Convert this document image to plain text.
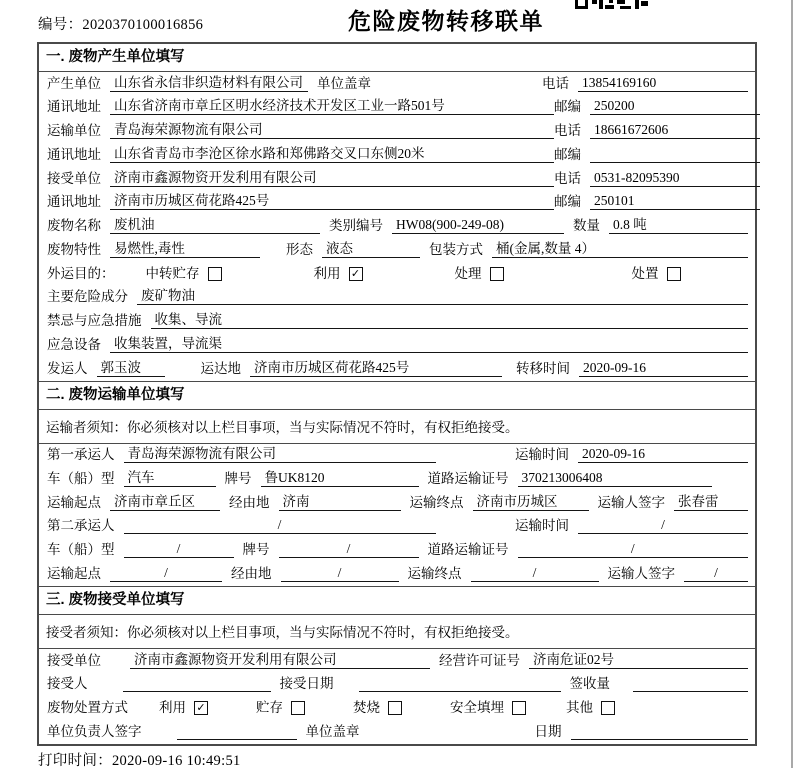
编号：2020370100016856	危险废物转移联单
一. 废物产生单位填写
产生单位 山东省永信非织造材料有限公司	单位盖章	电话 13854169160
通讯地址 山东省济南市章丘区明水经济技术开发区工业一路501号	邮编 250200
运输单位 青岛海荣源物流有限公司	电话 18661672606
通讯地址 山东省青岛市李沧区徐水路和郑佛路交叉口东侧20米	邮编
接受单位 济南市鑫源物资开发利用有限公司	电话 0531-82095390
通讯地址 济南市历城区荷花路425号	邮编 250101
废物名称 废机油	类别编号 HW08(900-249-08)	数量 0.8 吨
废物特性 易燃性,毒性	形态 液态	包装方式 桶(金属,数量 4）
外运目的： 中转贮存	利用 ✓	处理	处置
主要危险成分 废矿物油
禁忌与应急措施 收集、导流
应急设备 收集装置，导流渠
发运人 郭玉波	运达地 济南市历城区荷花路425号	转移时间 2020-09-16
二. 废物运输单位填写
运输者须知：你必须核对以上栏目事项，当与实际情况不符时，有权拒绝接受。
第一承运人 青岛海荣源物流有限公司	运输时间 2020-09-16
车（船）型 汽车	牌号 鲁UK8120	道路运输证号 370213006408
运输起点 济南市章丘区	经由地 济南	运输终点 济南市历城区	运输人签字 张春雷
第二承运人	/	运输时间	/
车（船）型	/	牌号	/	道路运输证号	/
运输起点	/	经由地	/	运输终点	/	运输人签字	/
三. 废物接受单位填写
接受者须知：你必须核对以上栏目事项，当与实际情况不符时，有权拒绝接受。
接受单位 济南市鑫源物资开发利用有限公司	经营许可证号 济南危证02号
接受人	接受日期	签收量
废物处置方式 利用 ✓	贮存	焚烧	安全填埋	其他
单位负责人签字	单位盖章	日期
打印时间：2020-09-16 10:49:51
